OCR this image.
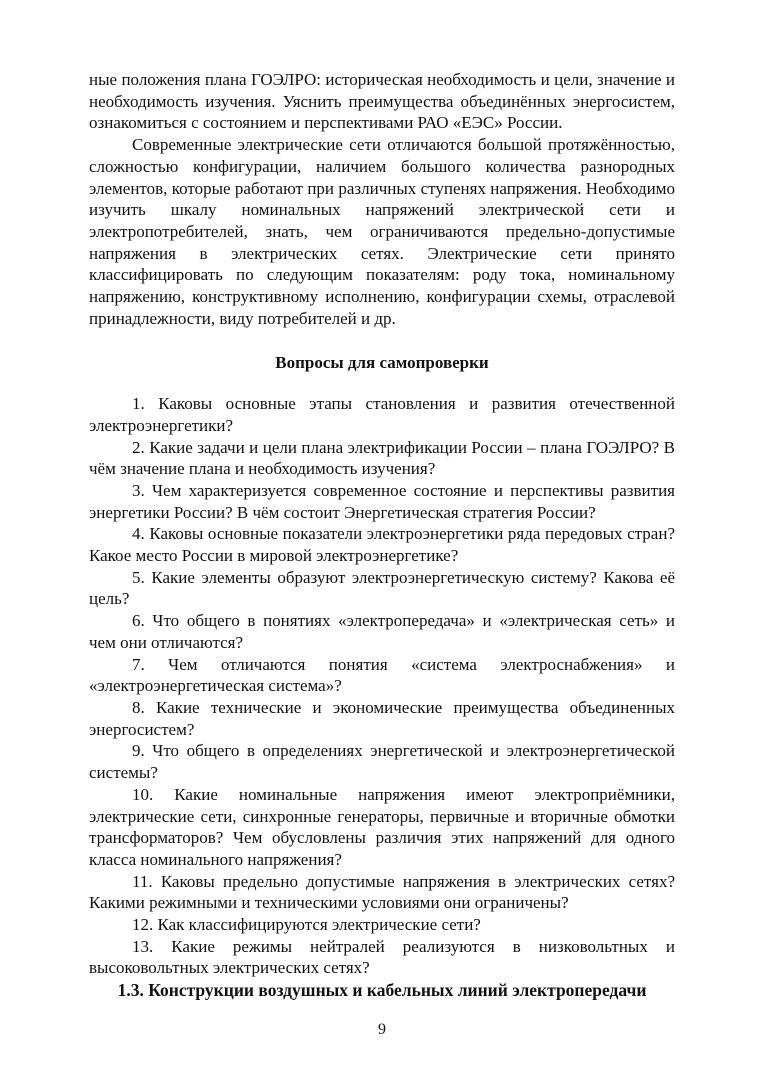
ные положения плана ГОЭЛРО: историческая необходимость и цели, значение и необходимость изучения. Уяснить преимущества объединённых энергосистем, ознакомиться с состоянием и перспективами РАО «ЕЭС» России.

Современные электрические сети отличаются большой протяжённостью, сложностью конфигурации, наличием большого количества разнородных элементов, которые работают при различных ступенях напряжения. Необходимо изучить шкалу номинальных напряжений электрической сети и электропотребителей, знать, чем ограничиваются предельно-допустимые напряжения в электрических сетях. Электрические сети принято классифицировать по следующим показателям: роду тока, номинальному напряжению, конструктивному исполнению, конфигурации схемы, отраслевой принадлежности, виду потребителей и др.

Вопросы для самопроверки

1. Каковы основные этапы становления и развития отечественной электроэнергетики?

2. Какие задачи и цели плана электрификации России – плана ГОЭЛРО? В чём значение плана и необходимость изучения?

3. Чем характеризуется современное состояние и перспективы развития энергетики России? В чём состоит Энергетическая стратегия России?

4. Каковы основные показатели электроэнергетики ряда передовых стран? Какое место России в мировой электроэнергетике?

5. Какие элементы образуют электроэнергетическую систему? Какова её цель?

6. Что общего в понятиях «электропередача» и «электрическая сеть» и чем они отличаются?

7. Чем отличаются понятия «система электроснабжения» и «электроэнергетическая система»?

8. Какие технические и экономические преимущества объединенных энергосистем?

9. Что общего в определениях энергетической и электроэнергетической системы?

10. Какие номинальные напряжения имеют электроприёмники, электрические сети, синхронные генераторы, первичные и вторичные обмотки трансформаторов? Чем обусловлены различия этих напряжений для одного класса номинального напряжения?

11. Каковы предельно допустимые напряжения в электрических сетях? Какими режимными и техническими условиями они ограничены?

12. Как классифицируются электрические сети?

13. Какие режимы нейтралей реализуются в низковольтных и высоковольтных электрических сетях?

1.3. Конструкции воздушных и кабельных линий электропередачи

9
